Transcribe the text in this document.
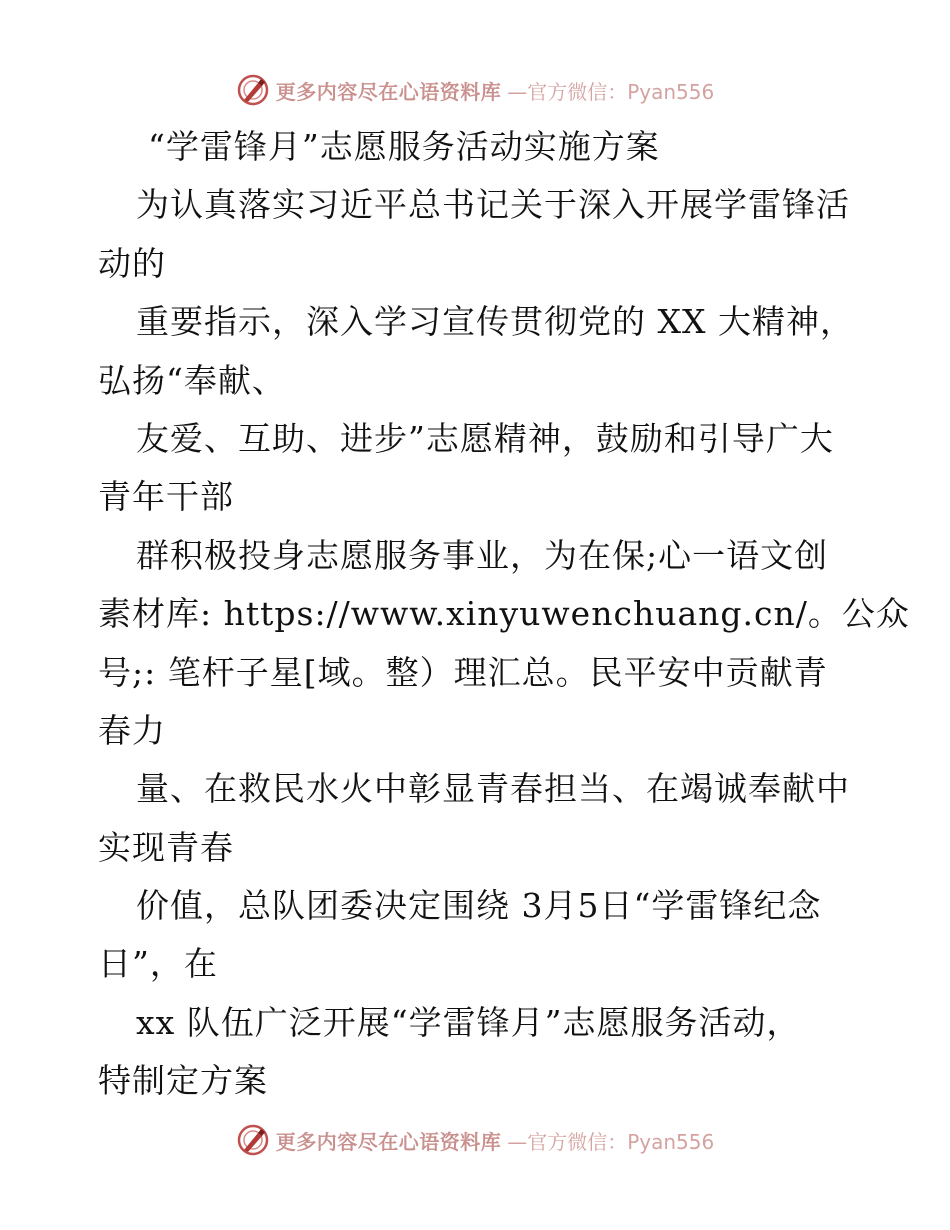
更多内容尽在心语资料库 —官方微信：Pyan556
“学雷锋月”志愿服务活动实施方案
为认真落实习近平总书记关于深入开展学雷锋活
动的
重要指示，深入学习宣传贯彻党的 XX 大精神，
弘扬“奉献、
友爱、互助、进步”志愿精神，鼓励和引导广大
青年干部
群积极投身志愿服务事业，为在保;心一语文创
素材库: https://www.xinyuwenchuang.cn/。公众
号;: 笔杆子星[域。整）理汇总。民平安中贡献青
春力
量、在救民水火中彰显青春担当、在竭诚奉献中
实现青春
价值，总队团委决定围绕 3月5日“学雷锋纪念
日”，在
xx 队伍广泛开展“学雷锋月”志愿服务活动，
特制定方案
更多内容尽在心语资料库 —官方微信：Pyan556
